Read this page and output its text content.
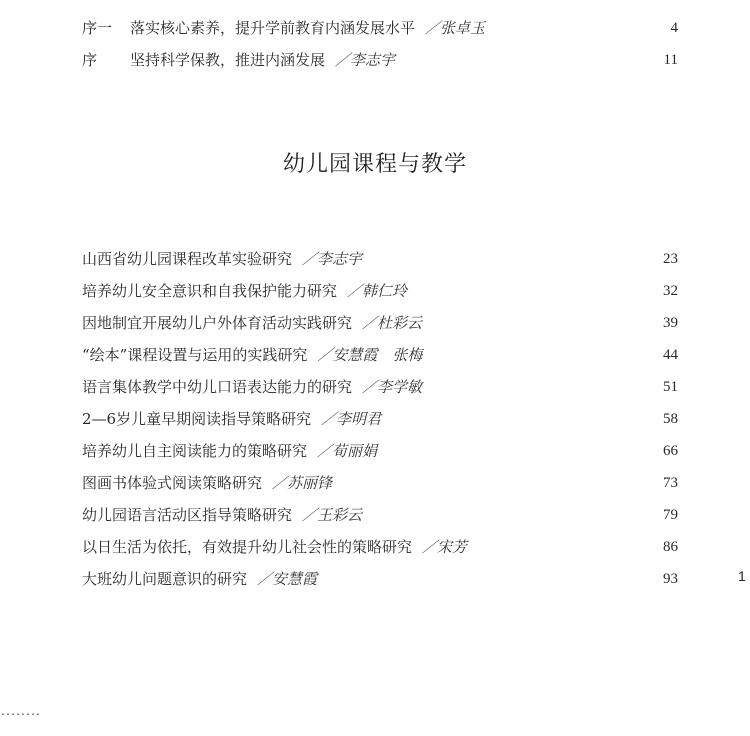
序一 落实核心素养，提升学前教育内涵发展水平 ／张卓玉	4
序 坚持科学保教，推进内涵发展 ／李志宇	11
幼儿园课程与教学
山西省幼儿园课程改革实验研究 ／李志宇	23
培养幼儿安全意识和自我保护能力研究 ／韩仁玲	32
因地制宜开展幼儿户外体育活动实践研究 ／杜彩云	39
“绘本”课程设置与运用的实践研究 ／安慧霞　张梅	44
语言集体教学中幼儿口语表达能力的研究 ／李学敏	51
2—6岁儿童早期阅读指导策略研究 ／李明君	58
培养幼儿自主阅读能力的策略研究 ／荀丽娟	66
图画书体验式阅读策略研究 ／苏丽锋	73
幼儿园语言活动区指导策略研究 ／王彩云	79
以日生活为依托，有效提升幼儿社会性的策略研究 ／宋芳	86
大班幼儿问题意识的研究 ／安慧霞	93	1
........
